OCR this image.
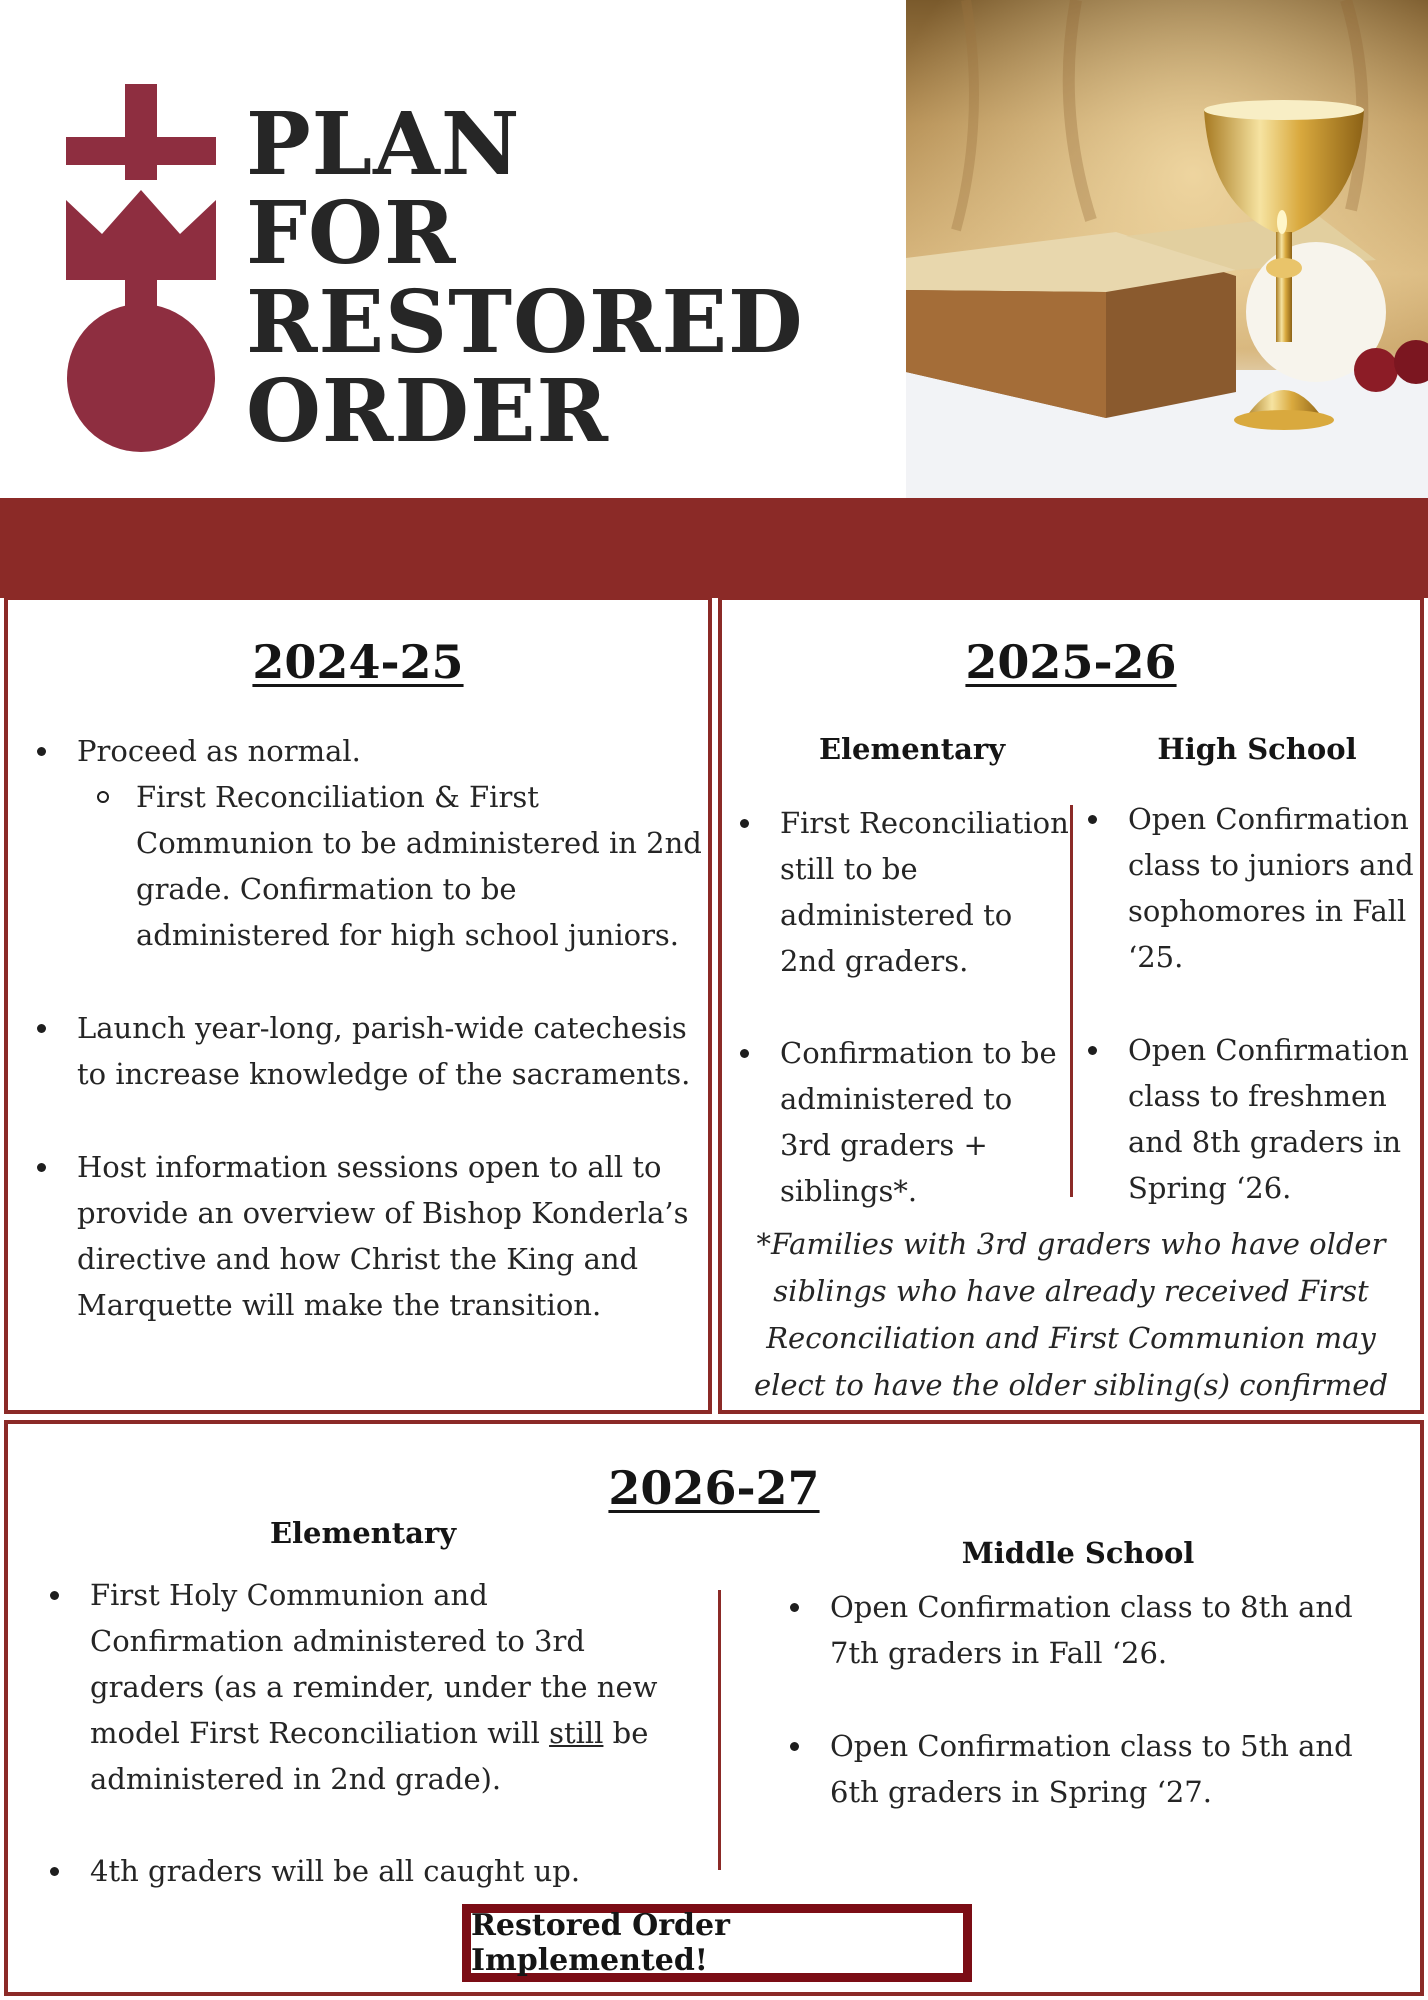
PLAN
FOR
RESTORED
ORDER
2024-25
Proceed as normal.
First Reconciliation & First Communion to be administered in 2nd grade. Confirmation to be administered for high school juniors.
Launch year-long, parish-wide catechesis to increase knowledge of the sacraments.
Host information sessions open to all to provide an overview of Bishop Konderla’s directive and how Christ the King and Marquette will make the transition.
2025-26
Elementary	High School
First Reconciliation still to be administered to 2nd graders.
Confirmation to be administered to 3rd graders + siblings*.
Open Confirmation class to juniors and sophomores in Fall ‘25.
Open Confirmation class to freshmen and 8th graders in Spring ‘26.

*Families with 3rd graders who have older siblings who have already received First Reconciliation and First Communion may elect to have the older sibling(s) confirmed

2026-27
Elementary
Middle School
First Holy Communion and Confirmation administered to 3rd graders (as a reminder, under the new model First Reconciliation will still be administered in 2nd grade).
4th graders will be all caught up.
Open Confirmation class to 8th and 7th graders in Fall ‘26.
Open Confirmation class to 5th and 6th graders in Spring ‘27.
Restored Order Implemented!
